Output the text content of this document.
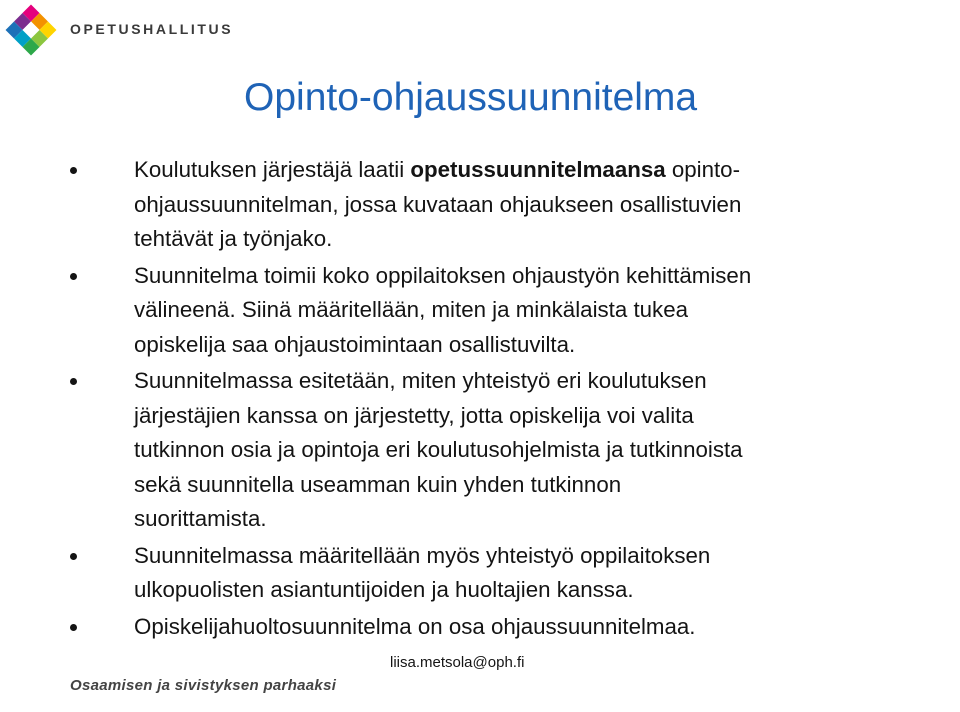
OPETUSHALLITUS
Opinto-ohjaussuunnitelma
Koulutuksen järjestäjä laatii opetussuunnitelmaansa opinto-
ohjaussuunnitelman, jossa kuvataan ohjaukseen osallistuvien
tehtävät ja työnjako.
Suunnitelma toimii koko oppilaitoksen ohjaustyön kehittämisen
välineenä. Siinä määritellään, miten ja minkälaista tukea
opiskelija saa ohjaustoimintaan osallistuvilta.
Suunnitelmassa esitetään, miten yhteistyö eri koulutuksen
järjestäjien kanssa on järjestetty, jotta opiskelija voi valita
tutkinnon osia ja opintoja eri koulutusohjelmista ja tutkinnoista
sekä suunnitella useamman kuin yhden tutkinnon
suorittamista.
Suunnitelmassa määritellään myös yhteistyö oppilaitoksen
ulkopuolisten asiantuntijoiden ja huoltajien kanssa.
Opiskelijahuoltosuunnitelma on osa ohjaussuunnitelmaa.
liisa.metsola@oph.fi
Osaamisen ja sivistyksen parhaaksi
